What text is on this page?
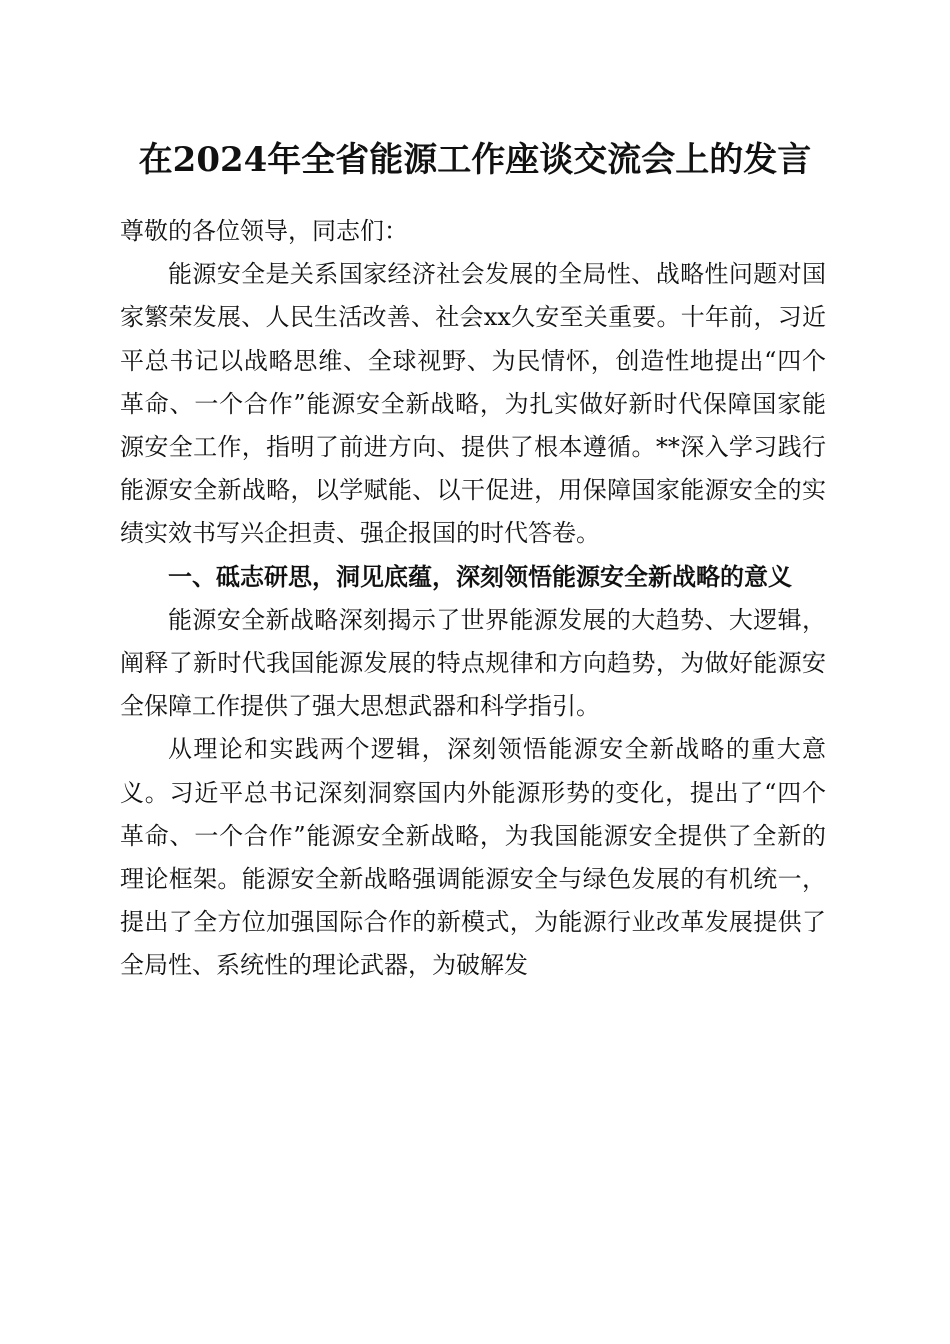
在2024年全省能源工作座谈交流会上的发言

尊敬的各位领导，同志们：

能源安全是关系国家经济社会发展的全局性、战略性问题对国家繁荣发展、人民生活改善、社会xx久安至关重要。十年前，习近平总书记以战略思维、全球视野、为民情怀，创造性地提出“四个革命、一个合作”能源安全新战略，为扎实做好新时代保障国家能源安全工作，指明了前进方向、提供了根本遵循。**深入学习践行能源安全新战略，以学赋能、以干促进，用保障国家能源安全的实绩实效书写兴企担责、强企报国的时代答卷。

一、砥志研思，洞见底蕴，深刻领悟能源安全新战略的意义

能源安全新战略深刻揭示了世界能源发展的大趋势、大逻辑，阐释了新时代我国能源发展的特点规律和方向趋势，为做好能源安全保障工作提供了强大思想武器和科学指引。

从理论和实践两个逻辑，深刻领悟能源安全新战略的重大意义。习近平总书记深刻洞察国内外能源形势的变化，提出了“四个革命、一个合作”能源安全新战略，为我国能源安全提供了全新的理论框架。能源安全新战略强调能源安全与绿色发展的有机统一，提出了全方位加强国际合作的新模式，为能源行业改革发展提供了全局性、系统性的理论武器，为破解发
